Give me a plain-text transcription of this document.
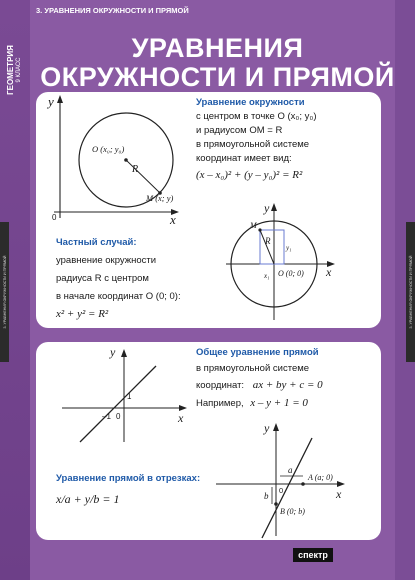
ГЕОМЕТРИЯ 9 КЛАСС
3. УРАВНЕНИЯ ОКРУЖНОСТИ И ПРЯМОЙ	3. УРАВНЕНИЯ ОКРУЖНОСТИ И ПРЯМОЙ
3. УРАВНЕНИЯ ОКРУЖНОСТИ И ПРЯМОЙ
УРАВНЕНИЯ
ОКРУЖНОСТИ И ПРЯМОЙ
y
x
0
O (x₀; y₀)
R
M (x; y)
y
x
M
R
y₁
x₁ O (0; 0)
Уравнение окружности
с центром в точке O (x₀; y₀)
и радиусом OM = R
в прямоугольной системе
координат имеет вид:
(x – x₀)² + (y – y₀)² = R²
Частный случай:
уравнение окружности
радиуса R с центром
в начале координат O (0; 0):
x² + y² = R²
y
x
–1 0
1
y
x
a
b
0
A (a; 0)
B (0; b)
Общее уравнение прямой
в прямоугольной системе
координат: ax + by + c = 0
Например, x – y + 1 = 0
Уравнение прямой в отрезках:
x/a + y/b = 1
спектр
